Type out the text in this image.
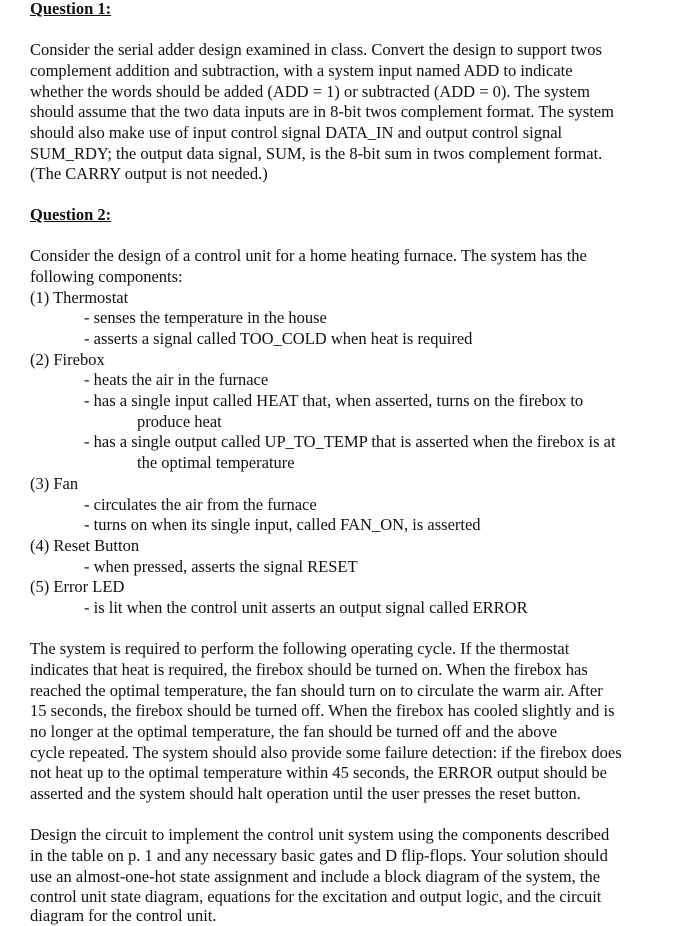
Question 1:
Consider the serial adder design examined in class. Convert the design to support twos
complement addition and subtraction, with a system input named ADD to indicate
whether the words should be added (ADD = 1) or subtracted (ADD = 0). The system
should assume that the two data inputs are in 8-bit twos complement format. The system
should also make use of input control signal DATA_IN and output control signal
SUM_RDY; the output data signal, SUM, is the 8-bit sum in twos complement format.
(The CARRY output is not needed.)
Question 2:
Consider the design of a control unit for a home heating furnace. The system has the
following components:
(1) Thermostat
- senses the temperature in the house
- asserts a signal called TOO_COLD when heat is required
(2) Firebox
- heats the air in the furnace
- has a single input called HEAT that, when asserted, turns on the firebox to
produce heat
- has a single output called UP_TO_TEMP that is asserted when the firebox is at
the optimal temperature
(3) Fan
- circulates the air from the furnace
- turns on when its single input, called FAN_ON, is asserted
(4) Reset Button
- when pressed, asserts the signal RESET
(5) Error LED
- is lit when the control unit asserts an output signal called ERROR
The system is required to perform the following operating cycle. If the thermostat
indicates that heat is required, the firebox should be turned on. When the firebox has
reached the optimal temperature, the fan should turn on to circulate the warm air. After
15 seconds, the firebox should be turned off. When the firebox has cooled slightly and is
no longer at the optimal temperature, the fan should be turned off and the above
cycle repeated. The system should also provide some failure detection: if the firebox does
not heat up to the optimal temperature within 45 seconds, the ERROR output should be
asserted and the system should halt operation until the user presses the reset button.
Design the circuit to implement the control unit system using the components described
in the table on p. 1 and any necessary basic gates and D flip-flops. Your solution should
use an almost-one-hot state assignment and include a block diagram of the system, the
control unit state diagram, equations for the excitation and output logic, and the circuit
diagram for the control unit.
